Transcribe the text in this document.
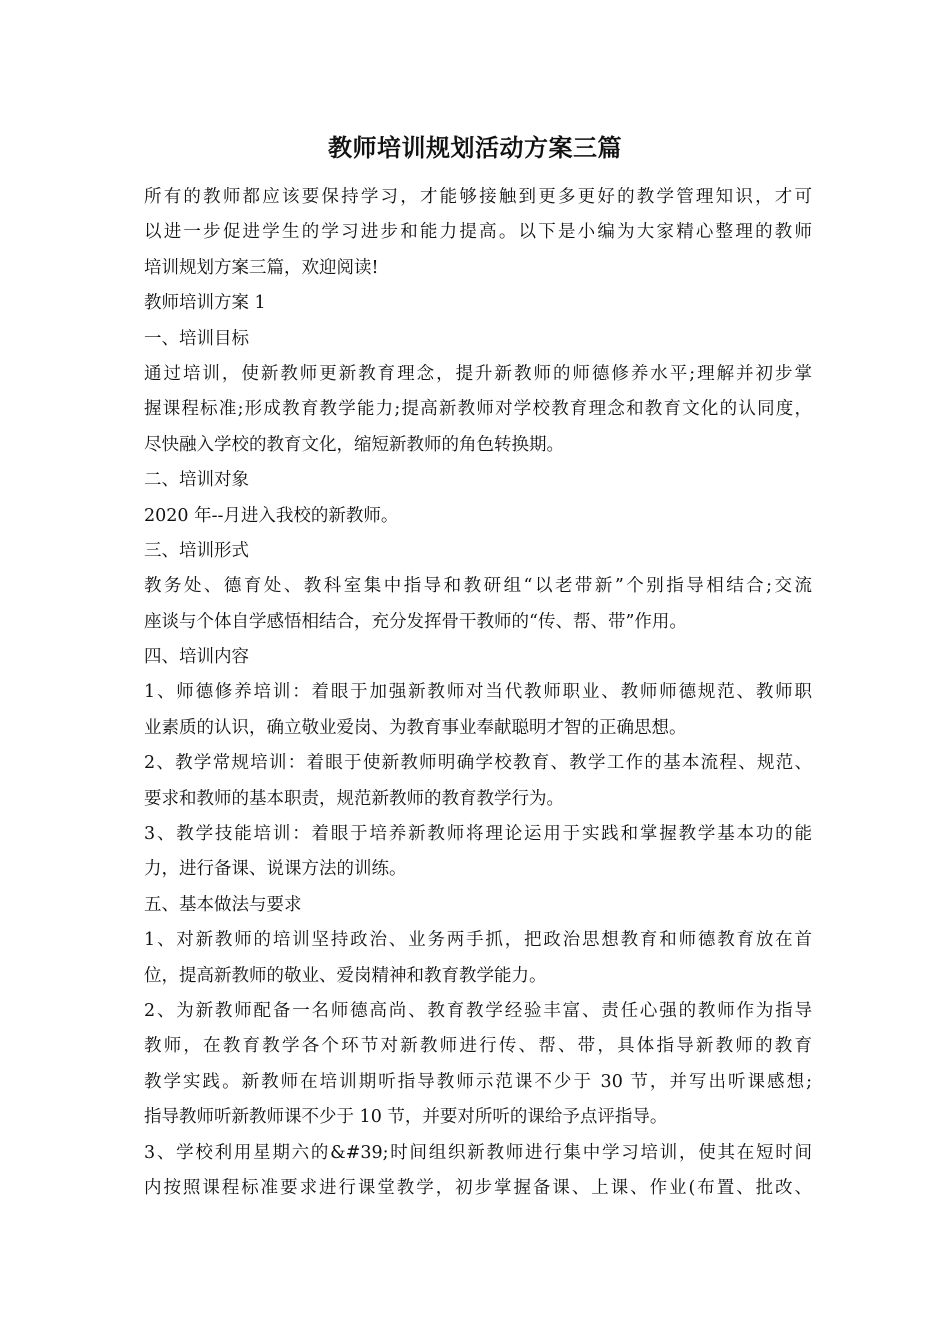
教师培训规划活动方案三篇
所有的教师都应该要保持学习，才能够接触到更多更好的教学管理知识，才可
以进一步促进学生的学习进步和能力提高。以下是小编为大家精心整理的教师
培训规划方案三篇，欢迎阅读!
教师培训方案 1
一、培训目标
通过培训，使新教师更新教育理念，提升新教师的师德修养水平;理解并初步掌
握课程标准;形成教育教学能力;提高新教师对学校教育理念和教育文化的认同度，
尽快融入学校的教育文化，缩短新教师的角色转换期。
二、培训对象
2020 年--月进入我校的新教师。
三、培训形式
教务处、德育处、教科室集中指导和教研组“以老带新”个别指导相结合;交流
座谈与个体自学感悟相结合，充分发挥骨干教师的“传、帮、带”作用。
四、培训内容
1、师德修养培训：着眼于加强新教师对当代教师职业、教师师德规范、教师职
业素质的认识，确立敬业爱岗、为教育事业奉献聪明才智的正确思想。
2、教学常规培训：着眼于使新教师明确学校教育、教学工作的基本流程、规范、
要求和教师的基本职责，规范新教师的教育教学行为。
3、教学技能培训：着眼于培养新教师将理论运用于实践和掌握教学基本功的能
力，进行备课、说课方法的训练。
五、基本做法与要求
1、对新教师的培训坚持政治、业务两手抓，把政治思想教育和师德教育放在首
位，提高新教师的敬业、爱岗精神和教育教学能力。
2、为新教师配备一名师德高尚、教育教学经验丰富、责任心强的教师作为指导
教师，在教育教学各个环节对新教师进行传、帮、带，具体指导新教师的教育
教学实践。新教师在培训期听指导教师示范课不少于 30 节，并写出听课感想;
指导教师听新教师课不少于 10 节，并要对所听的课给予点评指导。
3、学校利用星期六的&#39;时间组织新教师进行集中学习培训，使其在短时间
内按照课程标准要求进行课堂教学，初步掌握备课、上课、作业(布置、批改、
